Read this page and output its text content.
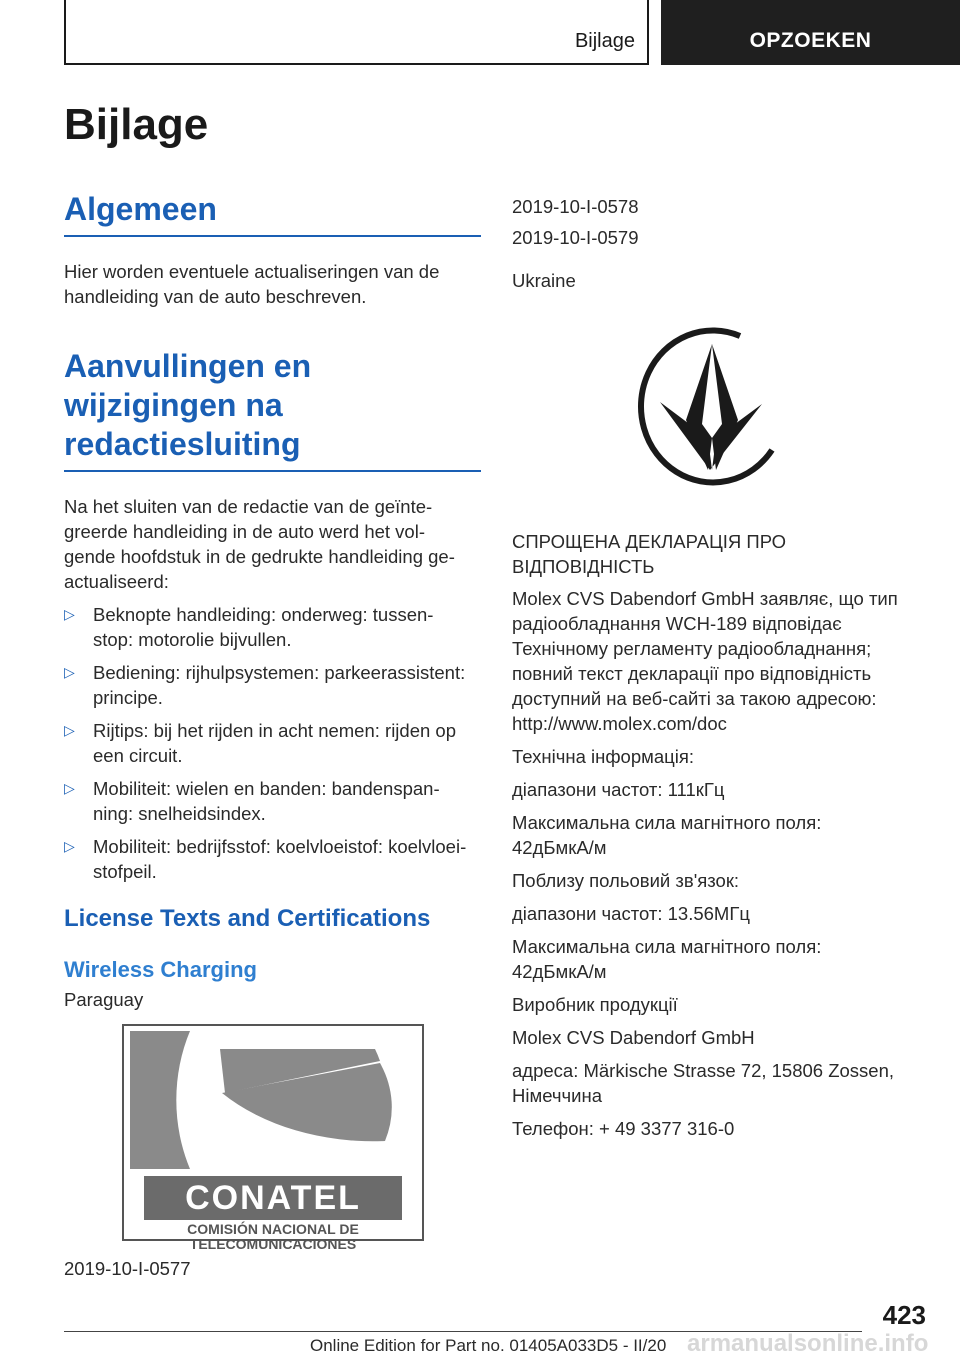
Bijlage	OPZOEKEN
Bijlage
Algemeen
Hier worden eventuele actualiseringen van de
handleiding van de auto beschreven.
Aanvullingen en
wijzigingen na
redactiesluiting
Na het sluiten van de redactie van de geïnte-
greerde handleiding in de auto werd het vol-
gende hoofdstuk in de gedrukte handleiding ge-
actualiseerd:
▷ Beknopte handleiding: onderweg: tussen-
stop: motorolie bijvullen.
▷ Bediening: rijhulpsystemen: parkeerassistent:
principe.
▷ Rijtips: bij het rijden in acht nemen: rijden op
een circuit.
▷ Mobiliteit: wielen en banden: bandenspan-
ning: snelheidsindex.
▷ Mobiliteit: bedrijfsstof: koelvloeistof: koelvloei-
stofpeil.
License Texts and Certifications
Wireless Charging
Paraguay
CONATEL
COMISIÓN NACIONAL DE
TELECOMUNICACIONES
2019-10-I-0577
2019-10-I-0578
2019-10-I-0579
Ukraine
СПРОЩЕНА ДЕКЛАРАЦІЯ ПРО
ВІДПОВІДНІСТЬ
Molex CVS Dabendorf GmbH заявляє, що тип
радіообладнання WCH-189 відповідає
Технічному регламенту радіообладнання;
повний текст декларації про відповідність
доступний на веб-сайті за такою адресою:
http://www.molex.com/doc
Технічна інформація:
діапазони частот: 111кГц
Максимальна сила магнітного поля:
42дБмкА/м
Поблизу польовий зв'язок:
діапазони частот: 13.56МГц
Максимальна сила магнітного поля:
42дБмкА/м
Виробник продукції
Molex CVS Dabendorf GmbH
адреса: Märkische Strasse 72, 15806 Zossen,
Німеччина
Телефон: + 49 3377 316-0
423
Online Edition for Part no. 01405A033D5 - II/20 armanualsonline.info
